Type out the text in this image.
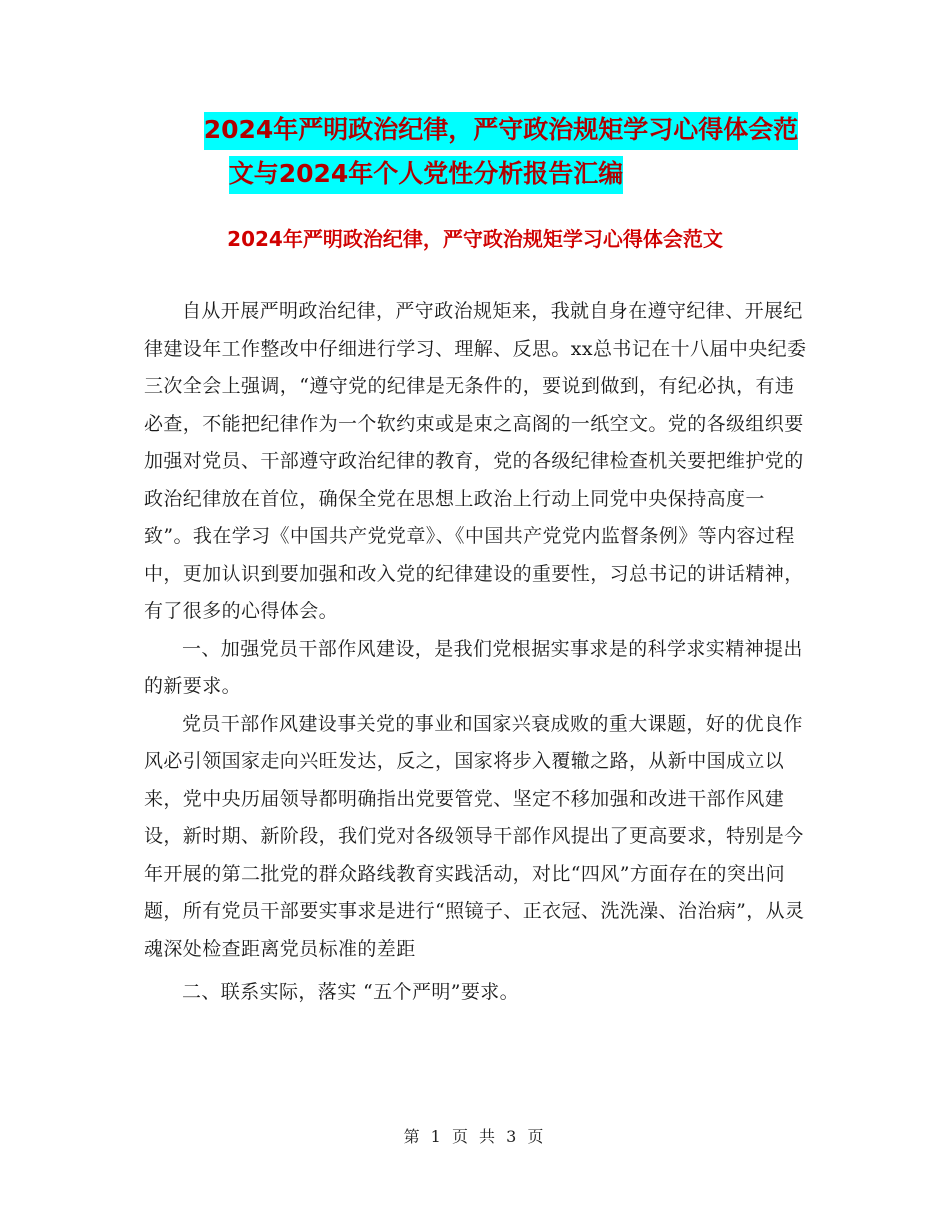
2024年严明政治纪律，严守政治规矩学习心得体会范
文与2024年个人党性分析报告汇编
2024年严明政治纪律，严守政治规矩学习心得体会范文

自从开展严明政治纪律，严守政治规矩来，我就自身在遵守纪律、开展纪律建设年工作整改中仔细进行学习、理解、反思。xx总书记在十八届中央纪委三次全会上强调，“遵守党的纪律是无条件的，要说到做到，有纪必执，有违必查，不能把纪律作为一个软约束或是束之高阁的一纸空文。党的各级组织要加强对党员、干部遵守政治纪律的教育，党的各级纪律检查机关要把维护党的政治纪律放在首位，确保全党在思想上政治上行动上同党中央保持高度一致”。我在学习《中国共产党党章》、《中国共产党党内监督条例》等内容过程中，更加认识到要加强和改入党的纪律建设的重要性，习总书记的讲话精神，有了很多的心得体会。

一、加强党员干部作风建设，是我们党根据实事求是的科学求实精神提出的新要求。

党员干部作风建设事关党的事业和国家兴衰成败的重大课题，好的优良作风必引领国家走向兴旺发达，反之，国家将步入覆辙之路，从新中国成立以来，党中央历届领导都明确指出党要管党、坚定不移加强和改进干部作风建设，新时期、新阶段，我们党对各级领导干部作风提出了更高要求，特别是今年开展的第二批党的群众路线教育实践活动，对比“四风”方面存在的突出问题，所有党员干部要实事求是进行“照镜子、正衣冠、洗洗澡、治治病”，从灵魂深处检查距离党员标准的差距

二、联系实际，落实 “五个严明”要求。

第 1 页 共 3 页
